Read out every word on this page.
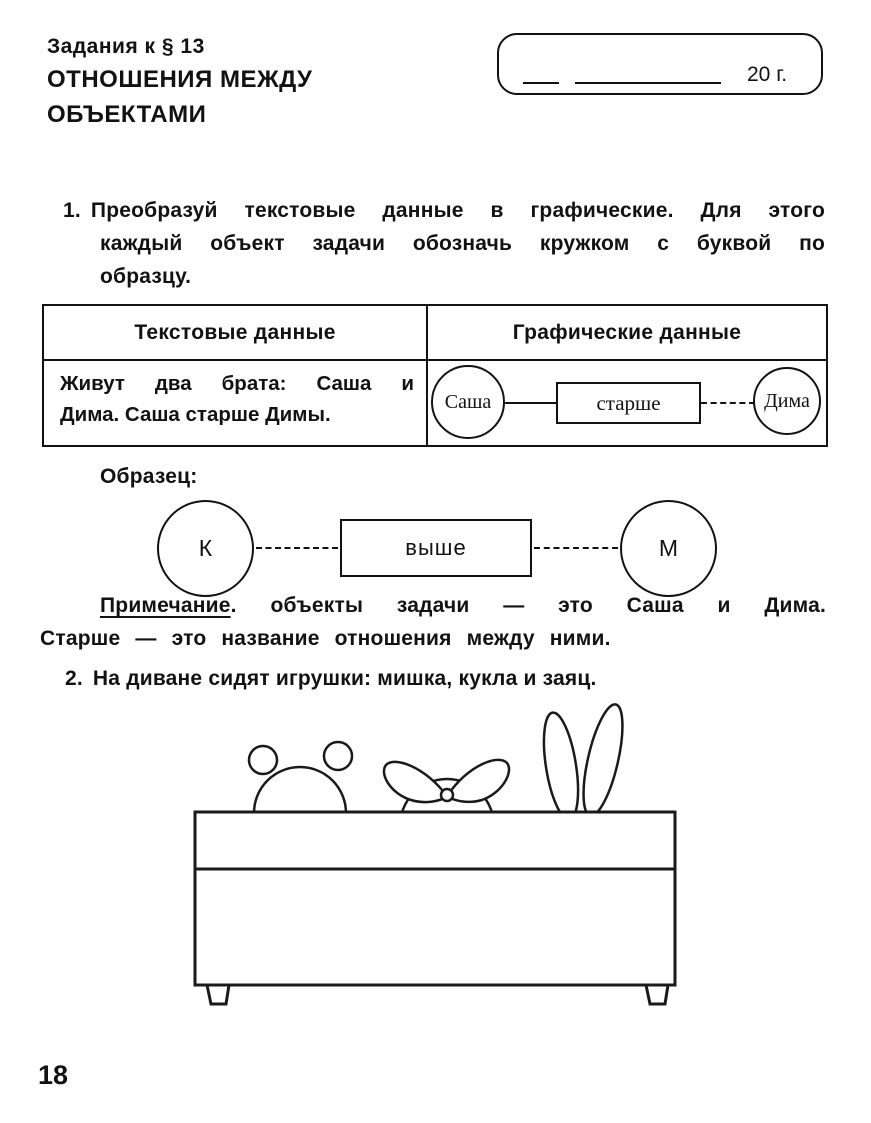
Задания к § 13
ОТНОШЕНИЯ МЕЖДУ
ОБЪЕКТАМИ
20 г.
1. Преобразуй текстовые данные в графические. Для этого
каждый объект задачи обозначь кружком с буквой по
образцу.
Текстовые данные	Графические данные
Живут два брата: Саша и
Дима. Саша старше Димы.
Саша	старше	Дима
Образец:
К	выше	М
Примечание. объекты задачи — это Саша и Дима.
Старше — это название отношения между ними.
2. На диване сидят игрушки: мишка, кукла и заяц.
18
